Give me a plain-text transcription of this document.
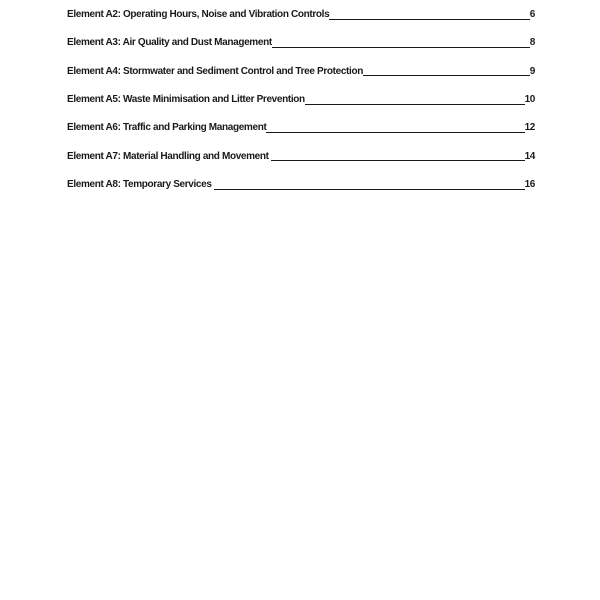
Element A2: Operating Hours, Noise and Vibration Controls	6
Element A3: Air Quality and Dust Management	8
Element A4: Stormwater and Sediment Control and Tree Protection	9
Element A5: Waste Minimisation and Litter Prevention	10
Element A6: Traffic and Parking Management	12
Element A7: Material Handling and Movement	14
Element A8: Temporary Services	16
